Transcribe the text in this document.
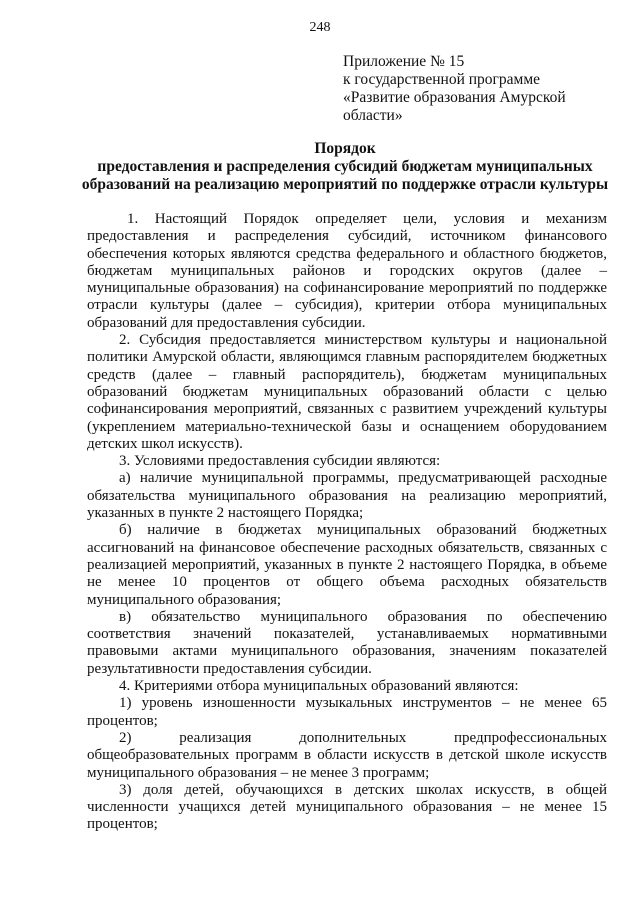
248
Приложение № 15
к государственной программе
«Развитие образования Амурской
области»
Порядок
предоставления и распределения субсидий бюджетам муниципальных
образований на реализацию мероприятий по поддержке отрасли культуры

1. Настоящий Порядок определяет цели, условия и механизм предоставления и распределения субсидий, источником финансового обеспечения которых являются средства федерального и областного бюджетов, бюджетам муниципальных районов и городских округов (далее – муниципальные образования) на софинансирование мероприятий по поддержке отрасли культуры (далее – субсидия), критерии отбора муниципальных образований для предоставления субсидии.

2. Субсидия предоставляется министерством культуры и национальной политики Амурской области, являющимся главным распорядителем бюджетных средств (далее – главный распорядитель), бюджетам муниципальных образований бюджетам муниципальных образований области с целью софинансирования мероприятий, связанных с развитием учреждений культуры (укреплением материально-технической базы и оснащением оборудованием детских школ искусств).

3. Условиями предоставления субсидии являются:

а) наличие муниципальной программы, предусматривающей расходные обязательства муниципального образования на реализацию мероприятий, указанных в пункте 2 настоящего Порядка;

б) наличие в бюджетах муниципальных образований бюджетных ассигнований на финансовое обеспечение расходных обязательств, связанных с реализацией мероприятий, указанных в пункте 2 настоящего Порядка, в объеме не менее 10 процентов от общего объема расходных обязательств муниципального образования;

в) обязательство муниципального образования по обеспечению соответствия значений показателей, устанавливаемых нормативными правовыми актами муниципального образования, значениям показателей результативности предоставления субсидии.

4. Критериями отбора муниципальных образований являются:

1) уровень изношенности музыкальных инструментов – не менее 65 процентов;

2) реализация дополнительных предпрофессиональных общеобразовательных программ в области искусств в детской школе искусств муниципального образования – не менее 3 программ;

3) доля детей, обучающихся в детских школах искусств, в общей численности учащихся детей муниципального образования – не менее 15 процентов;
